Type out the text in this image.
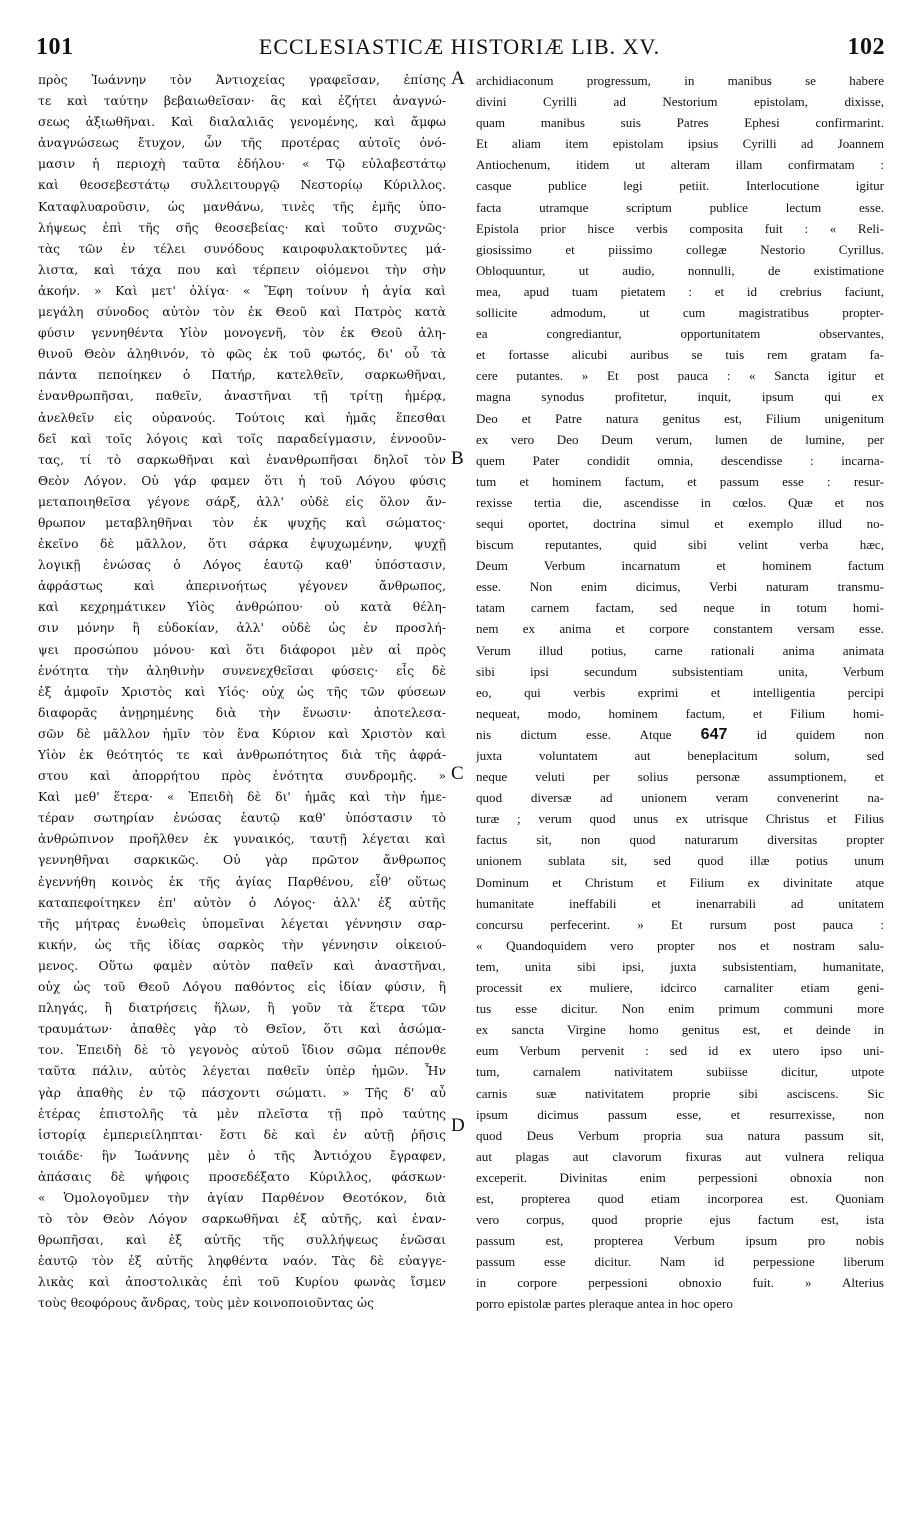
101	ECCLESIASTICÆ HISTORIÆ LIB. XV.	102
πρὸς Ἰωάννην τὸν Ἀντιοχείας γραφεῖσαν, ἐπίσης
τε καὶ ταύτην βεβαιωθεῖσαν· ἃς καὶ ἐζήτει ἀναγνώ-
σεως ἀξιωθῆναι. Καὶ διαλαλιᾶς γενομένης, καὶ ἄμφω
ἀναγνώσεως ἔτυχον, ὧν τῆς προτέρας αὐτοῖς ὀνό-
μασιν ἡ περιοχὴ ταῦτα ἐδήλου· « Τῷ εὐλαβεστάτῳ
καὶ θεοσεβεστάτῳ συλλειτουργῷ Νεστορίῳ Κύριλλος.
Καταφλυαροῦσιν, ὡς μανθάνω, τινὲς τῆς ἐμῆς ὑπο-
λήψεως ἐπὶ τῆς σῆς θεοσεβείας· καὶ τοῦτο συχνῶς·
τὰς τῶν ἐν τέλει συνόδους καιροφυλακτοῦντες μά-
λιστα, καὶ τάχα που καὶ τέρπειν οἰόμενοι τὴν σὴν
ἀκοήν. » Καὶ μετ' ὀλίγα· « Ἔφη τοίνυν ἡ ἁγία καὶ
μεγάλη σύνοδος αὐτὸν τὸν ἐκ Θεοῦ καὶ Πατρὸς κατὰ
φύσιν γεννηθέντα Υἱὸν μονογενῆ, τὸν ἐκ Θεοῦ ἀλη-
θινοῦ Θεὸν ἀληθινόν, τὸ φῶς ἐκ τοῦ φωτός, δι' οὗ τὰ
πάντα πεποίηκεν ὁ Πατήρ, κατελθεῖν, σαρκωθῆναι,
ἐνανθρωπῆσαι, παθεῖν, ἀναστῆναι τῇ τρίτῃ ἡμέρᾳ,
ἀνελθεῖν εἰς οὐρανούς. Τούτοις καὶ ἡμᾶς ἕπεσθαι
δεῖ καὶ τοῖς λόγοις καὶ τοῖς παραδείγμασιν, ἐννοοῦν-
τας, τί τὸ σαρκωθῆναι καὶ ἐνανθρωπῆσαι δηλοῖ τὸν
Θεὸν Λόγον. Οὐ γάρ φαμεν ὅτι ἡ τοῦ Λόγου φύσις
μεταποιηθεῖσα γέγονε σάρξ, ἀλλ' οὐδὲ εἰς ὅλον ἄν-
θρωπον μεταβληθῆναι τὸν ἐκ ψυχῆς καὶ σώματος·
ἐκεῖνο δὲ μᾶλλον, ὅτι σάρκα ἐψυχωμένην, ψυχῇ
λογικῇ ἑνώσας ὁ Λόγος ἑαυτῷ καθ' ὑπόστασιν,
ἀφράστως καὶ ἀπερινοήτως γέγονεν ἄνθρωπος,
καὶ κεχρημάτικεν Υἱὸς ἀνθρώπου· οὐ κατὰ θέλη-
σιν μόνην ἢ εὐδοκίαν, ἀλλ' οὐδὲ ὡς ἐν προσλή-
ψει προσώπου μόνου· καὶ ὅτι διάφοροι μὲν αἱ πρὸς
ἑνότητα τὴν ἀληθινὴν συνενεχθεῖσαι φύσεις· εἷς δὲ
ἐξ ἀμφοῖν Χριστὸς καὶ Υἱός· οὐχ ὡς τῆς τῶν φύσεων
διαφορᾶς ἀνῃρημένης διὰ τὴν ἕνωσιν· ἀποτελεσα-
σῶν δὲ μᾶλλον ἡμῖν τὸν ἕνα Κύριον καὶ Χριστὸν καὶ
Υἱὸν ἐκ θεότητός τε καὶ ἀνθρωπότητος διὰ τῆς ἀφρά-
στου καὶ ἀπορρήτου πρὸς ἑνότητα συνδρομῆς. »
Καὶ μεθ' ἕτερα· « Ἐπειδὴ δὲ δι' ἡμᾶς καὶ τὴν ἡμε-
τέραν σωτηρίαν ἑνώσας ἑαυτῷ καθ' ὑπόστασιν τὸ
ἀνθρώπινον προῆλθεν ἐκ γυναικός, ταυτῇ λέγεται καὶ
γεννηθῆναι σαρκικῶς. Οὐ γὰρ πρῶτον ἄνθρωπος
ἐγεννήθη κοινὸς ἐκ τῆς ἁγίας Παρθένου, εἶθ' οὕτως
καταπεφοίτηκεν ἐπ' αὐτὸν ὁ Λόγος· ἀλλ' ἐξ αὐτῆς
τῆς μήτρας ἑνωθεὶς ὑπομεῖναι λέγεται γέννησιν σαρ-
κικήν, ὡς τῆς ἰδίας σαρκὸς τὴν γέννησιν οἰκειού-
μενος. Οὕτω φαμὲν αὐτὸν παθεῖν καὶ ἀναστῆναι,
οὐχ ὡς τοῦ Θεοῦ Λόγου παθόντος εἰς ἰδίαν φύσιν, ἢ
πληγάς, ἢ διατρήσεις ἥλων, ἢ γοῦν τὰ ἕτερα τῶν
τραυμάτων· ἀπαθὲς γὰρ τὸ Θεῖον, ὅτι καὶ ἀσώμα-
τον. Ἐπειδὴ δὲ τὸ γεγονὸς αὐτοῦ ἴδιον σῶμα πέπονθε
ταῦτα πάλιν, αὐτὸς λέγεται παθεῖν ὑπὲρ ἡμῶν. Ἦν
γὰρ ἀπαθὴς ἐν τῷ πάσχοντι σώματι. » Τῆς δ' αὖ
ἑτέρας ἐπιστολῆς τὰ μὲν πλεῖστα τῇ πρὸ ταύτης
ἱστορίᾳ ἐμπεριείληπται· ἔστι δὲ καὶ ἐν αὐτῇ ῥῆσις
τοιάδε· ἣν Ἰωάννης μὲν ὁ τῆς Ἀντιόχου ἔγραφεν,
ἁπάσαις δὲ ψήφοις προσεδέξατο Κύριλλος, φάσκων·
« Ὁμολογοῦμεν τὴν ἁγίαν Παρθένον Θεοτόκον, διὰ
τὸ τὸν Θεὸν Λόγον σαρκωθῆναι ἐξ αὐτῆς, καὶ ἐναν-
θρωπῆσαι, καὶ ἐξ αὐτῆς τῆς συλλήψεως ἑνῶσαι
ἑαυτῷ τὸν ἐξ αὐτῆς ληφθέντα ναόν. Τὰς δὲ εὐαγγε-
λικὰς καὶ ἀποστολικὰς ἐπὶ τοῦ Κυρίου φωνὰς ἴσμεν
τοὺς θεοφόρους ἄνδρας, τοὺς μὲν κοινοποιοῦντας ὡς
archidiaconum progressum, in manibus se habere
divini Cyrilli ad Nestorium epistolam, dixisse,
quam manibus suis Patres Ephesi confirmarint.
Et aliam item epistolam ipsius Cyrilli ad Joannem
Antiochenum, itidem ut alteram illam confirmatam :
casque publice legi petiit. Interlocutione igitur
facta utramque scriptum publice lectum esse.
Epistola prior hisce verbis composita fuit : « Reli-
giosissimo et piissimo collegæ Nestorio Cyrillus.
Obloquuntur, ut audio, nonnulli, de existimatione
mea, apud tuam pietatem : et id crebrius faciunt,
sollicite admodum, ut cum magistratibus propter-
ea congrediantur, opportunitatem observantes,
et fortasse alicubi auribus se tuis rem gratam fa-
cere putantes. » Et post pauca : « Sancta igitur et
magna synodus profitetur, inquit, ipsum qui ex
Deo et Patre natura genitus est, Filium unigenitum
ex vero Deo Deum verum, lumen de lumine, per
quem Pater condidit omnia, descendisse : incarna-
tum et hominem factum, et passum esse : resur-
rexisse tertia die, ascendisse in cœlos. Quæ et nos
sequi oportet, doctrina simul et exemplo illud no-
biscum reputantes, quid sibi velint verba hæc,
Deum Verbum incarnatum et hominem factum
esse. Non enim dicimus, Verbi naturam transmu-
tatam carnem factam, sed neque in totum homi-
nem ex anima et corpore constantem versam esse.
Verum illud potius, carne rationali anima animata
sibi ipsi secundum subsistentiam unita, Verbum
eo, qui verbis exprimi et intelligentia percipi
nequeat, modo, hominem factum, et Filium homi-
nis dictum esse. Atque 647 id quidem non
juxta voluntatem aut beneplacitum solum, sed
neque veluti per solius personæ assumptionem, et
quod diversæ ad unionem veram convenerint na-
turæ ; verum quod unus ex utrisque Christus et Filius
factus sit, non quod naturarum diversitas propter
unionem sublata sit, sed quod illæ potius unum
Dominum et Christum et Filium ex divinitate atque
humanitate ineffabili et inenarrabili ad unitatem
concursu perfecerint. » Et rursum post pauca :
« Quandoquidem vero propter nos et nostram salu-
tem, unita sibi ipsi, juxta subsistentiam, humanitate,
processit ex muliere, idcirco carnaliter etiam geni-
tus esse dicitur. Non enim primum communi more
ex sancta Virgine homo genitus est, et deinde in
eum Verbum pervenit : sed id ex utero ipso uni-
tum, carnalem nativitatem subiisse dicitur, utpote
carnis suæ nativitatem proprie sibi asciscens. Sic
ipsum dicimus passum esse, et resurrexisse, non
quod Deus Verbum propria sua natura passum sit,
aut plagas aut clavorum fixuras aut vulnera reliqua
exceperit. Divinitas enim perpessioni obnoxia non
est, propterea quod etiam incorporea est. Quoniam
vero corpus, quod proprie ejus factum est, ista
passum est, propterea Verbum ipsum pro nobis
passum esse dicitur. Nam id perpessione liberum
in corpore perpessioni obnoxio fuit. » Alterius
porro epistolæ partes pleraque antea in hoc opero
A
B
C
D
